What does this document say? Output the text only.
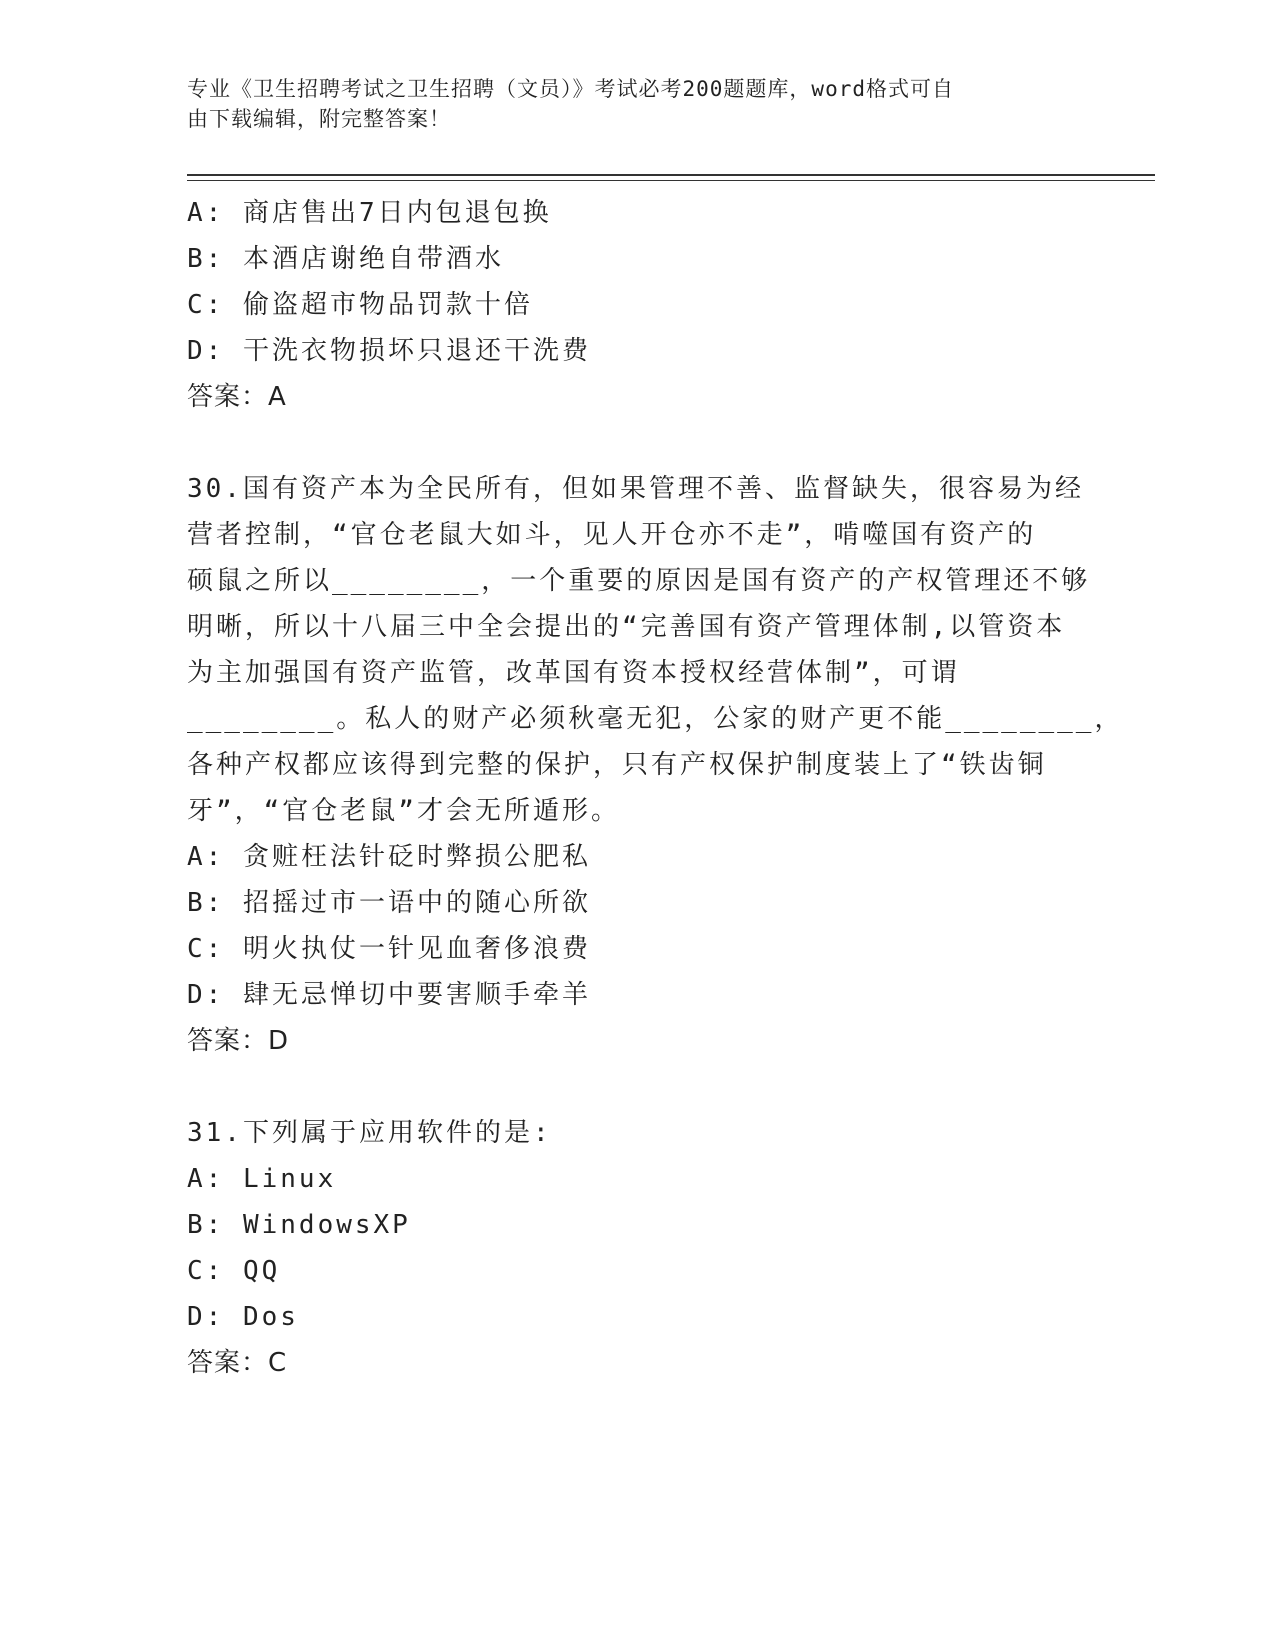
专业《卫生招聘考试之卫生招聘（文员）》考试必考200题题库，word格式可自
由下载编辑，附完整答案！
A: 商店售出7日内包退包换
B: 本酒店谢绝自带酒水
C: 偷盗超市物品罚款十倍
D: 干洗衣物损坏只退还干洗费
答案：A
30.国有资产本为全民所有，但如果管理不善、监督缺失，很容易为经
营者控制，“官仓老鼠大如斗，见人开仓亦不走”，啃噬国有资产的
硕鼠之所以________，一个重要的原因是国有资产的产权管理还不够
明晰，所以十八届三中全会提出的“完善国有资产管理体制,以管资本
为主加强国有资产监管，改革国有资本授权经营体制”，可谓
________。私人的财产必须秋毫无犯，公家的财产更不能________，
各种产权都应该得到完整的保护，只有产权保护制度装上了“铁齿铜
牙”，“官仓老鼠”才会无所遁形。
A: 贪赃枉法针砭时弊损公肥私
B: 招摇过市一语中的随心所欲
C: 明火执仗一针见血奢侈浪费
D: 肆无忌惮切中要害顺手牵羊
答案：D
31.下列属于应用软件的是:
A: Linux
B: WindowsXP
C: QQ
D: Dos
答案：C
